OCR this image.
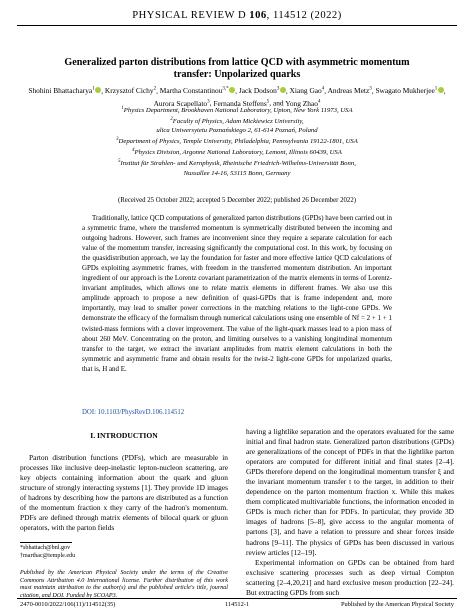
PHYSICAL REVIEW D 106, 114512 (2022)
Generalized parton distributions from lattice QCD with asymmetric momentum transfer: Unpolarized quarks
Shohini Bhattacharya$^1$ , Krzysztof Cichy$^2$, Martha Constantinou$^{3,*}$ , Jack Dodson$^3$ , Xiang Gao$^4$, Andreas Metz$^3$, Swagato Mukherjee$^1$ , Aurora Scapellato$^3$, Fernanda Steffens$^5$, and Yong Zhao$^4$
$^1$Physics Department, Brookhaven National Laboratory, Upton, New York 11973, USA
$^2$Faculty of Physics, Adam Mickiewicz University,
ulica Uniwersytetu Poznańskiego 2, 61-614 Poznań, Poland
$^3$Department of Physics, Temple University, Philadelphia, Pennsylvania 19122-1801, USA
$^4$Physics Division, Argonne National Laboratory, Lemont, Illinois 60439, USA
$^5$Institut für Strahlen- und Kernphysik, Rheinische Friedrich-Wilhelms-Universität Bonn,
Nussallee 14-16, 53115 Bonn, Germany
(Received 25 October 2022; accepted 5 December 2022; published 26 December 2022)

Traditionally, lattice QCD computations of generalized parton distributions (GPDs) have been carried out in a symmetric frame, where the transferred momentum is symmetrically distributed between the incoming and outgoing hadrons. However, such frames are inconvenient since they require a separate calculation for each value of the momentum transfer, increasing significantly the computational cost. In this work, by focusing on the quasidistribution approach, we lay the foundation for faster and more effective lattice QCD calculations of GPDs exploiting asymmetric frames, with freedom in the transferred momentum distribution. An important ingredient of our approach is the Lorentz covariant parametrization of the matrix elements in terms of Lorentz-invariant amplitudes, which allows one to relate matrix elements in different frames. We also use this amplitude approach to propose a new definition of quasi-GPDs that is frame independent and, more importantly, may lead to smaller power corrections in the matching relations to the light-cone GPDs. We demonstrate the efficacy of the formalism through numerical calculations using one ensemble of Nf = 2 + 1 + 1 twisted-mass fermions with a clover improvement. The value of the light-quark masses lead to a pion mass of about 260 MeV. Concentrating on the proton, and limiting ourselves to a vanishing longitudinal momentum transfer to the target, we extract the invariant amplitudes from matrix element calculations in both the symmetric and asymmetric frame and obtain results for the twist-2 light-cone GPDs for unpolarized quarks, that is, H and E.

DOI: 10.1103/PhysRevD.106.114512
I. INTRODUCTION

Parton distribution functions (PDFs), which are measurable in processes like inclusive deep-inelastic lepton-nucleon scattering, are key objects containing information about the quark and gluon structure of strongly interacting systems [1]. They provide 1D images of hadrons by describing how the partons are distributed as a function of the momentum fraction x they carry of the hadron's momentum. PDFs are defined through matrix elements of bilocal quark or gluon operators, with the parton fields

having a lightlike separation and the operators evaluated for the same initial and final hadron state. Generalized parton distributions (GPDs) are generalizations of the concept of PDFs in that the lightlike parton operators are computed for different initial and final states [2–4]. GPDs therefore depend on the longitudinal momentum transfer ξ and the invariant momentum transfer t to the target, in addition to their dependence on the parton momentum fraction x. While this makes them complicated multivariable functions, the information encoded in GPDs is much richer than for PDFs. In particular, they provide 3D images of hadrons [5–8], give access to the angular momenta of partons [3], and have a relation to pressure and shear forces inside hadrons [9–11]. The physics of GPDs has been discussed in various review articles [12–19].

Experimental information on GPDs can be obtained from hard exclusive scattering processes such as deep virtual Compton scattering [2–4,20,21] and hard exclusive meson production [22–24]. But extracting GPDs from such

*sbhattach@bnl.gov
†marthac@temple.edu
Published by the American Physical Society under the terms of the Creative Commons Attribution 4.0 International license. Further distribution of this work must maintain attribution to the author(s) and the published article's title, journal citation, and DOI. Funded by SCOAP3.
2470-0010/2022/106(11)/114512(35)	114512-1	Published by the American Physical Society
